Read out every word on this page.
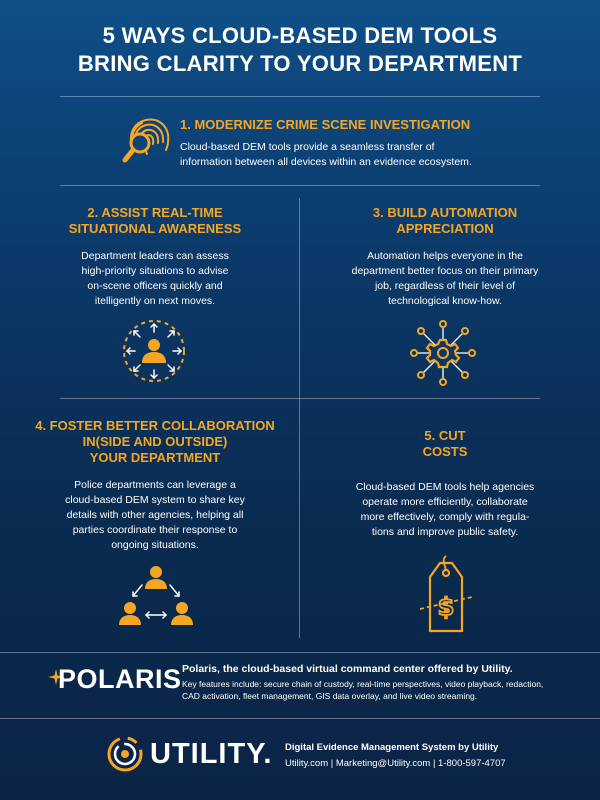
5 WAYS CLOUD-BASED DEM TOOLS
BRING CLARITY TO YOUR DEPARTMENT
1. MODERNIZE CRIME SCENE INVESTIGATION
Cloud-based DEM tools provide a seamless transfer of
information between all devices within an evidence ecosystem.
2. ASSIST REAL-TIME
SITUATIONAL AWARENESS
Department leaders can assess
high-priority situations to advise
on-scene officers quickly and
itelligently on next moves.
3. BUILD AUTOMATION
APPRECIATION
Automation helps everyone in the
department better focus on their primary
job, regardless of their level of
technological know-how.
4. FOSTER BETTER COLLABORATION
IN(SIDE AND OUTSIDE)
YOUR DEPARTMENT
Police departments can leverage a
cloud-based DEM system to share key
details with other agencies, helping all
parties coordinate their response to
ongoing situations.
5. CUT
COSTS
Cloud-based DEM tools help agencies
operate more efficiently, collaborate
more effectively, comply with regula-
tions and improve public safety.
$
POLARIS Polaris, the cloud-based virtual command center offered by Utility.
Key features include: secure chain of custody, real-time perspectives, video playback, redaction,
CAD activation, fleet management, GIS data overlay, and live video streaming.
UTILITY. Digital Evidence Management System by Utility
Utility.com | Marketing@Utility.com | 1-800-597-4707
